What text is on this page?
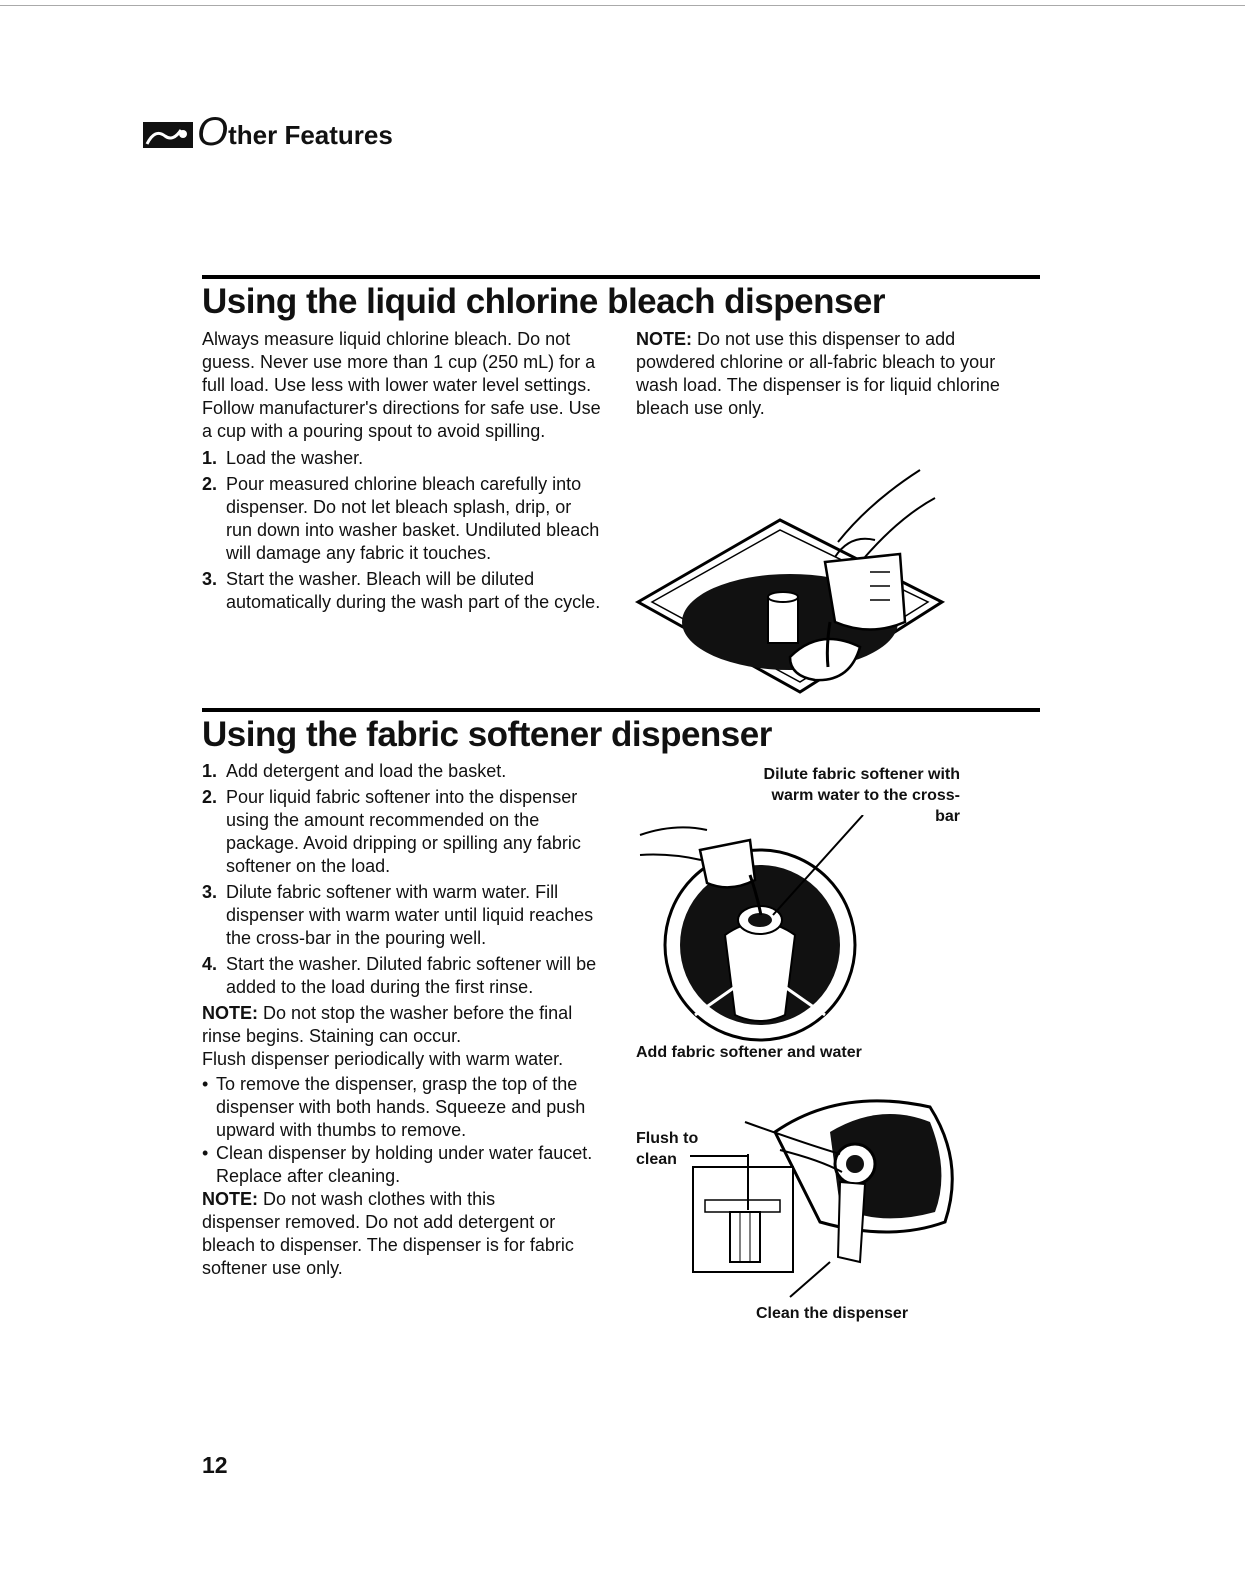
O ther Features
Using the liquid chlorine bleach dispenser

Always measure liquid chlorine bleach. Do not guess. Never use more than 1 cup (250 mL) for a full load. Use less with lower water level settings. Follow manufacturer's directions for safe use. Use a cup with a pouring spout to avoid spilling.

1. Load the washer.
2. Pour measured chlorine bleach carefully into dispenser. Do not let bleach splash, drip, or run down into washer basket. Undiluted bleach will damage any fabric it touches.
3. Start the washer. Bleach will be diluted automatically during the wash part of the cycle.

NOTE: Do not use this dispenser to add powdered chlorine or all-fabric bleach to your wash load. The dispenser is for liquid chlorine bleach use only.

Using the fabric softener dispenser
1. Add detergent and load the basket.
2. Pour liquid fabric softener into the dispenser using the amount recommended on the package. Avoid dripping or spilling any fabric softener on the load.
3. Dilute fabric softener with warm water. Fill dispenser with warm water until liquid reaches the cross-bar in the pouring well.
4. Start the washer. Diluted fabric softener will be added to the load during the first rinse.

NOTE: Do not stop the washer before the final rinse begins. Staining can occur.

Flush dispenser periodically with warm water.

• To remove the dispenser, grasp the top of the dispenser with both hands. Squeeze and push upward with thumbs to remove.
• Clean dispenser by holding under water faucet. Replace after cleaning.

NOTE: Do not wash clothes with this dispenser removed. Do not add detergent or bleach to dispenser. The dispenser is for fabric softener use only.

Dilute fabric softener with warm water to the cross-bar
Add fabric softener and water
Flush to clean
Clean the dispenser
12
